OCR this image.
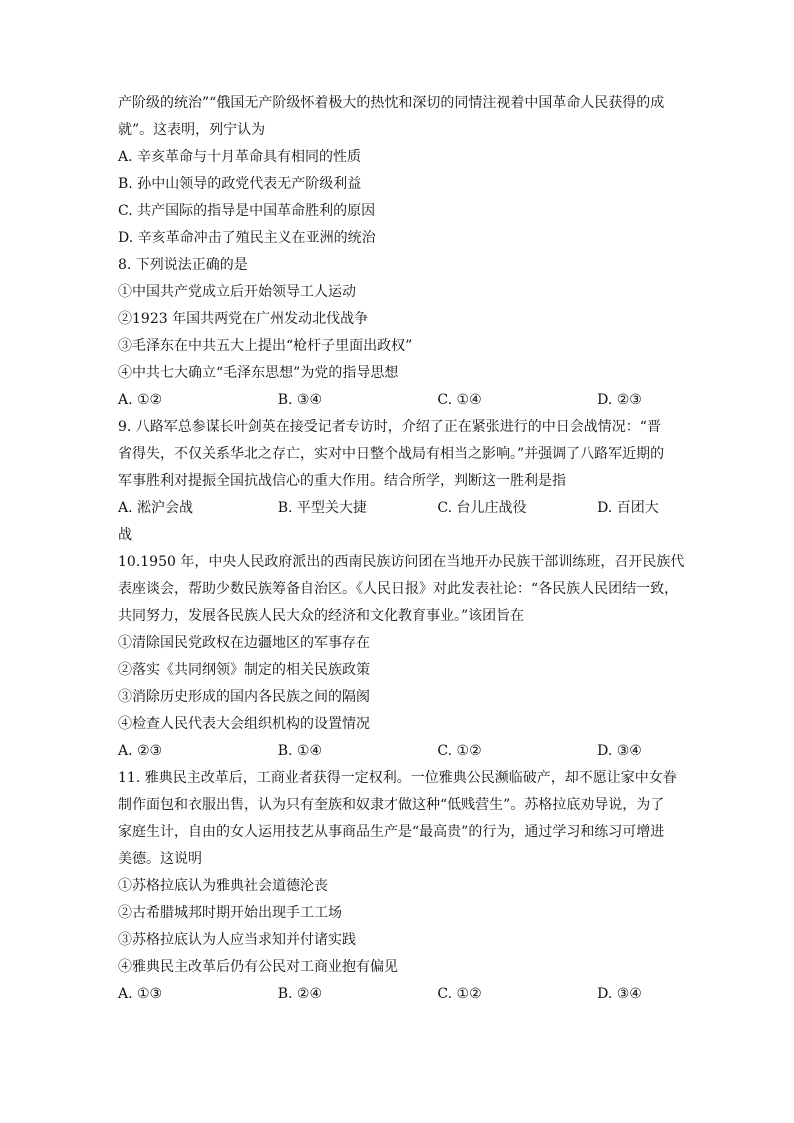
产阶级的统治”“俄国无产阶级怀着极大的热忱和深切的同情注视着中国革命人民获得的成
就”。这表明，列宁认为
A. 辛亥革命与十月革命具有相同的性质
B. 孙中山领导的政党代表无产阶级利益
C. 共产国际的指导是中国革命胜利的原因
D. 辛亥革命冲击了殖民主义在亚洲的统治
8. 下列说法正确的是
①中国共产党成立后开始领导工人运动
②1923 年国共两党在广州发动北伐战争
③毛泽东在中共五大上提出“枪杆子里面出政权”
④中共七大确立“毛泽东思想”为党的指导思想
A. ①②	B. ③④	C. ①④	D. ②③
9. 八路军总参谋长叶剑英在接受记者专访时，介绍了正在紧张进行的中日会战情况：“晋
省得失，不仅关系华北之存亡，实对中日整个战局有相当之影响。”并强调了八路军近期的
军事胜利对提振全国抗战信心的重大作用。结合所学，判断这一胜利是指
A. 淞沪会战	B. 平型关大捷	C. 台儿庄战役	D. 百团大
战
10.1950 年，中央人民政府派出的西南民族访问团在当地开办民族干部训练班，召开民族代
表座谈会，帮助少数民族筹备自治区。《人民日报》对此发表社论：“各民族人民团结一致，
共同努力，发展各民族人民大众的经济和文化教育事业。”该团旨在
①清除国民党政权在边疆地区的军事存在
②落实《共同纲领》制定的相关民族政策
③消除历史形成的国内各民族之间的隔阂
④检查人民代表大会组织机构的设置情况
A. ②③	B. ①④	C. ①②	D. ③④
11. 雅典民主改革后，工商业者获得一定权利。一位雅典公民濒临破产，却不愿让家中女眷
制作面包和衣服出售，认为只有奎族和奴隶才做这种“低贱营生”。苏格拉底劝导说，为了
家庭生计，自由的女人运用技艺从事商品生产是“最高贵”的行为，通过学习和练习可增进
美德。这说明
①苏格拉底认为雅典社会道德沦丧
②古希腊城邦时期开始出现手工工场
③苏格拉底认为人应当求知并付诸实践
④雅典民主改革后仍有公民对工商业抱有偏见
A. ①③	B. ②④	C. ①②	D. ③④
